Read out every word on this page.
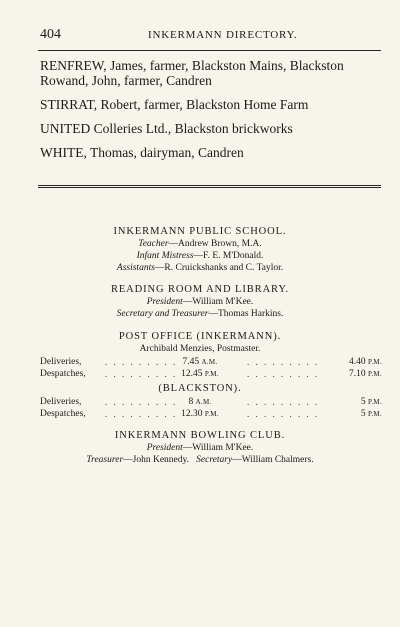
404	INKERMANN DIRECTORY.
RENFREW, James, farmer, Blackston Mains, Blackston
Rowand, John, farmer, Candren
STIRRAT, Robert, farmer, Blackston Home Farm
UNITED Colleries Ltd., Blackston brickworks
WHITE, Thomas, dairyman, Candren
INKERMANN PUBLIC SCHOOL.
Teacher—Andrew Brown, M.A.
Infant Mistress—F. E. M'Donald.
Assistants—R. Cruickshanks and C. Taylor.
READING ROOM AND LIBRARY.
President—William M'Kee.
Secretary and Treasurer—Thomas Harkins.
POST OFFICE (INKERMANN).
Archibald Menzies, Postmaster.
Deliveries,	. . . . . . . . . 7.45 A.M.	. . . . . . . . .	4.40 P.M.
Despatches, . . . . . . . . . 12.45 P.M.	. . . . . . . . .	7.10 P.M.
(BLACKSTON).
Deliveries,	. . . . . . . . .	8 A.M.	. . . . . . . . .	5 P.M.
Despatches, . . . . . . . . . 12.30 P.M.	. . . . . . . . .	5 P.M.
INKERMANN BOWLING CLUB.
President—William M'Kee.
Treasurer—John Kennedy. Secretary—William Chalmers.
